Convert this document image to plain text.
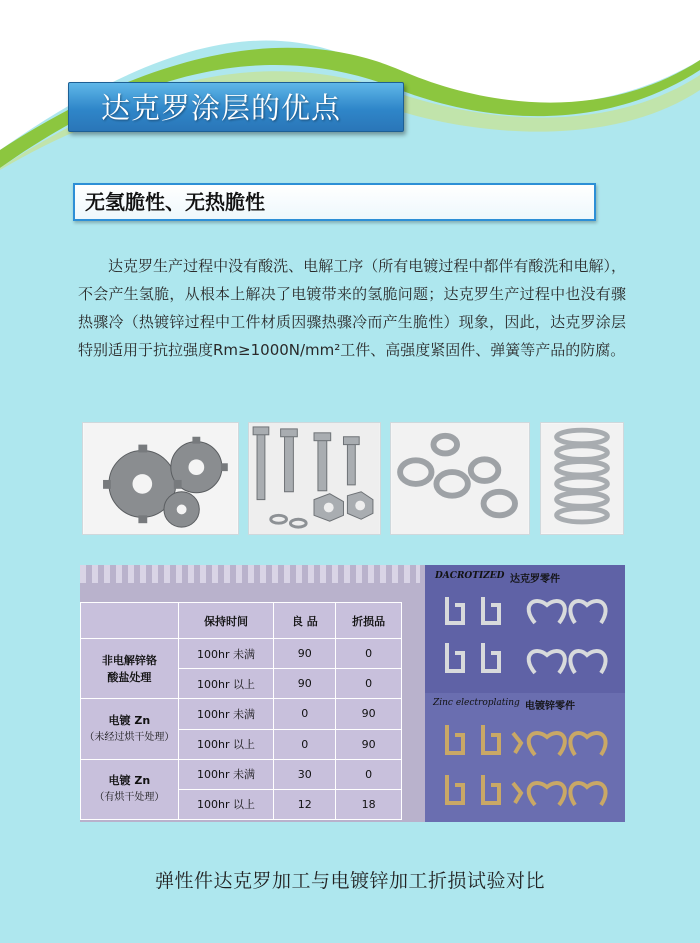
达克罗涂层的优点
无氢脆性、无热脆性

达克罗生产过程中没有酸洗、电解工序（所有电镀过程中都伴有酸洗和电解），不会产生氢脆，从根本上解决了电镀带来的氢脆问题；达克罗生产过程中也没有骤热骤冷（热镀锌过程中工件材质因骤热骤冷而产生脆性）现象，因此，达克罗涂层特别适用于抗拉强度Rm≥1000N/mm²工件、高强度紧固件、弹簧等产品的防腐。

	保持时间	良 品	折损品

非电解锌铬
酸盐处理	100hr 未满	90	0
	100hr 以上	90	0

电镀 Zn
（未经过烘干处理）	100hr 未满	0	90
	100hr 以上	0	90

电镀 Zn
（有烘干处理）	100hr 未满	30	0
	100hr 以上	12	18
DACROTIZED 达克罗零件
Zinc electroplating 电镀锌零件
弹性件达克罗加工与电镀锌加工折损试验对比
